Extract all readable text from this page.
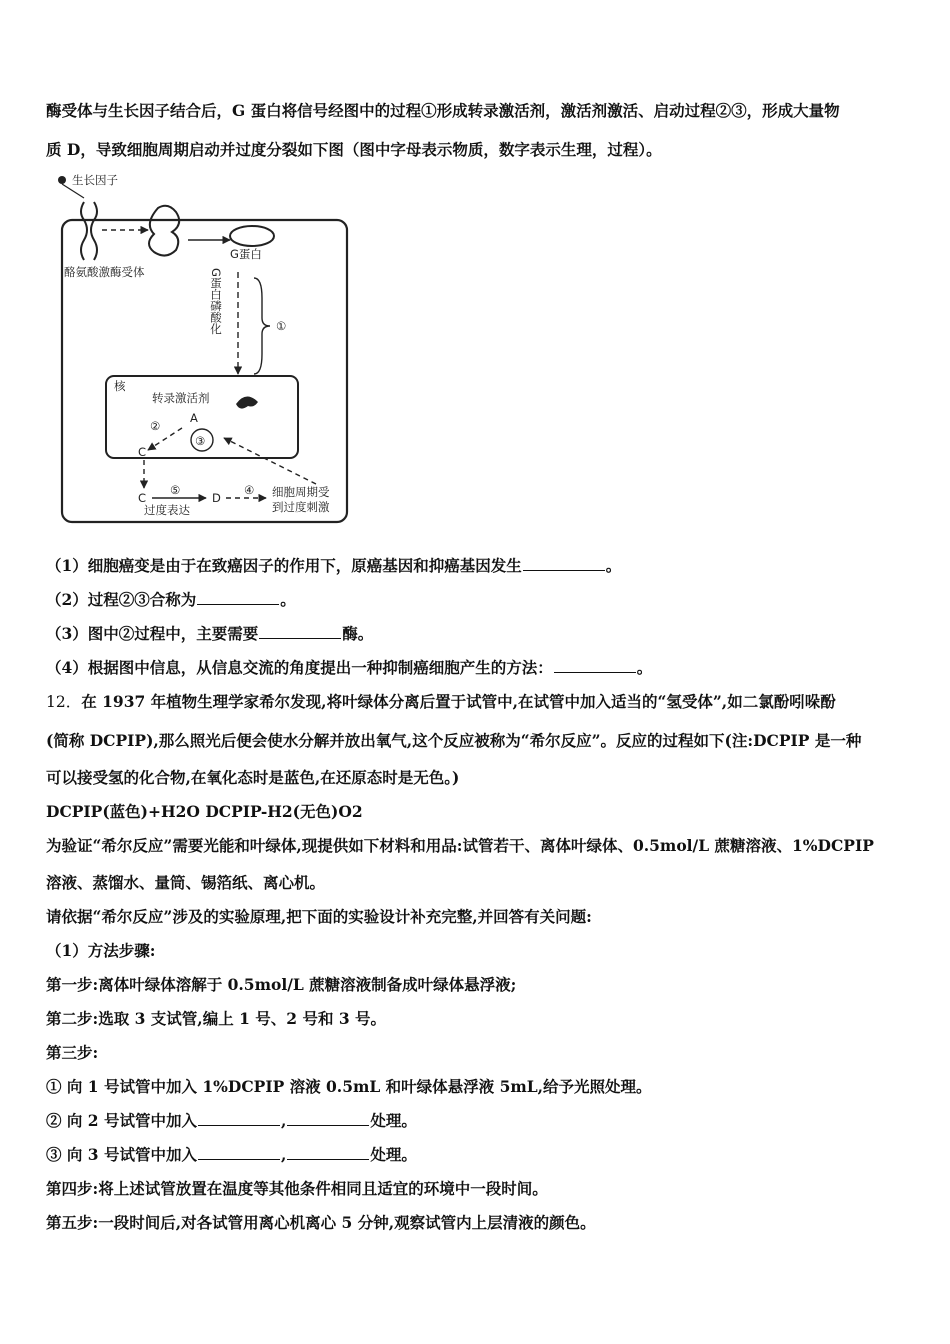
酶受体与生长因子结合后，G 蛋白将信号经图中的过程①形成转录激活剂，激活剂激活、启动过程②③，形成大量物
质 D，导致细胞周期启动并过度分裂如下图（图中字母表示物质，数字表示生理，过程）。
生长因子
酪氨酸激酶受体
G蛋白
G蛋白磷酸化	①
核
转录激活剂
A
③
②
C
C
⑤
过度表达
D
④ 细胞周期受
到过度刺激
（1）细胞癌变是由于在致癌因子的作用下，原癌基因和抑癌基因发生	。
（2）过程②③合称为	。
（3）图中②过程中，主要需要	酶。
（4）根据图中信息，从信息交流的角度提出一种抑制癌细胞产生的方法：	。
12．在 1937 年植物生理学家希尔发现,将叶绿体分离后置于试管中,在试管中加入适当的“氢受体”,如二氯酚吲哚酚
(简称 DCPIP),那么照光后便会使水分解并放出氧气,这个反应被称为“希尔反应”。反应的过程如下(注:DCPIP 是一种
可以接受氢的化合物,在氧化态时是蓝色,在还原态时是无色。)
DCPIP(蓝色)+H2O DCPIP-H2(无色)O2
为验证“希尔反应”需要光能和叶绿体,现提供如下材料和用品:试管若干、离体叶绿体、0.5mol/L 蔗糖溶液、1%DCPIP
溶液、蒸馏水、量筒、锡箔纸、离心机。
请依据“希尔反应”涉及的实验原理,把下面的实验设计补充完整,并回答有关问题:
（1）方法步骤:
第一步:离体叶绿体溶解于 0.5mol/L 蔗糖溶液制备成叶绿体悬浮液;
第二步:选取 3 支试管,编上 1 号、2 号和 3 号。
第三步:
① 向 1 号试管中加入 1%DCPIP 溶液 0.5mL 和叶绿体悬浮液 5mL,给予光照处理。
② 向 2 号试管中加入	,	处理。
③ 向 3 号试管中加入	,	处理。
第四步:将上述试管放置在温度等其他条件相同且适宜的环境中一段时间。
第五步:一段时间后,对各试管用离心机离心 5 分钟,观察试管内上层清液的颜色。
